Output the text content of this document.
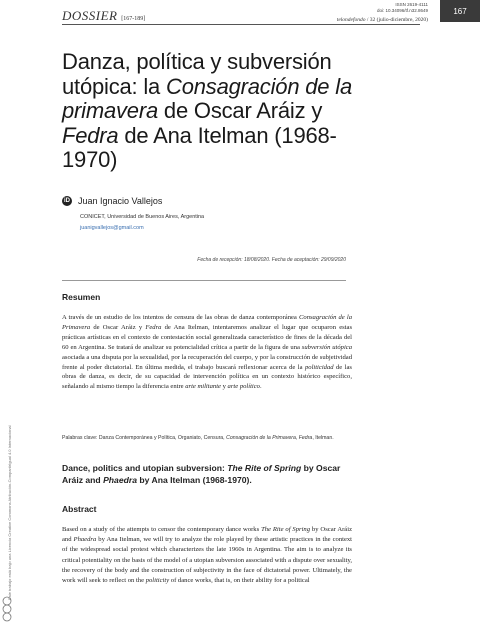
DOSSIER [167-189]
ISSN 2619-4111
doi: 10.34096/tf.n32.8649
telondefondo / 32 (julio-diciembre, 2020)
167
Este trabajo está bajo una Licencia Creative Commons Atribución-CompartirIgual 4.0 Internacional
Danza, política y subversión utópica: la Consagración de la primavera de Oscar Aráiz y Fedra de Ana Itelman (1968-1970)
iD Juan Ignacio Vallejos
CONICET, Universidad de Buenos Aires, Argentina
juanigvallejos@gmail.com
Fecha de recepción: 18/08/2020. Fecha de aceptación: 29/09/2020
Resumen

A través de un estudio de los intentos de censura de las obras de danza contemporánea Consagración de la Primavera de Oscar Aráiz y Fedra de Ana Itelman, intentaremos analizar el lugar que ocuparon estas prácticas artísticas en el contexto de contestación social generalizada característico de fines de la década del 60 en Argentina. Se tratará de analizar su potencialidad crítica a partir de la figura de una subversión utópica asociada a una disputa por la sexualidad, por la recuperación del cuerpo, y por la construcción de subjetividad frente al poder dictatorial. En última medida, el trabajo buscará reflexionar acerca de la politicidad de las obras de danza, es decir, de su capacidad de intervención política en un contexto histórico específico, señalando al mismo tiempo la diferencia entre arte militante y arte político.

Palabras clave: Danza Contemporánea y Política, Organiato, Censura, Consagración de la Primavera, Fedra, Itelman.

Dance, politics and utopian subversion: The Rite of Spring by Oscar Aráiz and Phaedra by Ana Itelman (1968-1970).
Abstract

Based on a study of the attempts to censor the contemporary dance works The Rite of Spring by Oscar Aráiz and Phaedra by Ana Itelman, we will try to analyze the role played by these artistic practices in the context of the widespread social protest which characterizes the late 1960s in Argentina. The aim is to analyze its critical potentiality on the basis of the model of a utopian subversion associated with a dispute over sexuality, the recovery of the body and the construction of subjectivity in the face of dictatorial power. Ultimately, the work will seek to reflect on the politicity of dance works, that is, on their ability for a political
